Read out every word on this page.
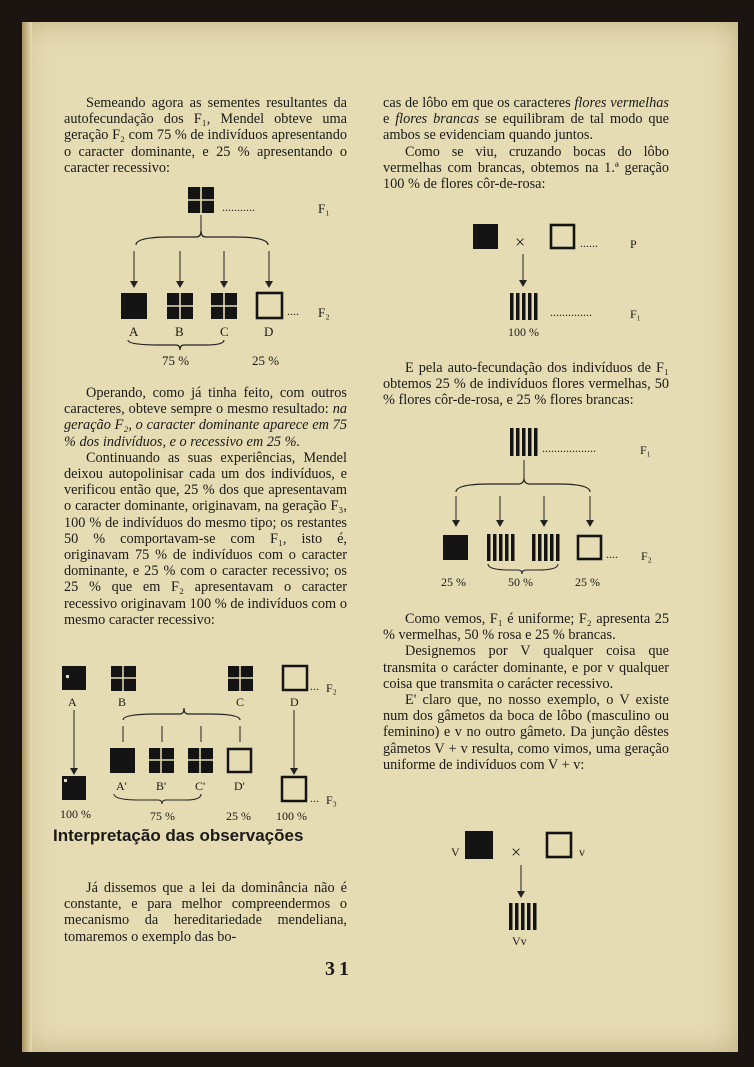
Semeando agora as sementes resultantes da autofecundação dos F₁, Mendel obteve uma geração F₂ com 75 % de indivíduos apresentando o caracter dominante, e 25 % apresentando o caracter recessivo:

...........	F₁
.... F₂
A	B	C	D
75 %	25 %

Operando, como já tinha feito, com outros caracteres, obteve sempre o mesmo resultado: na geração F₂, o caracter dominante aparece em 75 % dos indivíduos, e o recessivo em 25 %.

Continuando as suas experiências, Mendel deixou autopolinisar cada um dos indivíduos, e verificou então que, 25 % dos que apresentavam o caracter dominante, originavam, na geração F₃, 100 % de indivíduos do mesmo tipo; os restantes 50 % comportavam-se com F₁, isto é, originavam 75 % de indivíduos com o caracter dominante, e 25 % com o caracter recessivo; os 25 % que em F₂ apresentavam o caracter recessivo originavam 100 % de indivíduos com o mesmo caracter recessivo:

... F₂
A	B	C	D
... F₃
A' B' C' D'
100 %	75 %	25 % 100 %
Interpretação das observações

Já dissemos que a lei da dominância não é constante, e para melhor compreendermos o mecanismo da hereditariedade mendeliana, tomaremos o exemplo das bo-

cas de lôbo em que os caracteres flores vermelhas e flores brancas se equilibram de tal modo que ambos se evidenciam quando juntos.

Como se viu, cruzando bocas do lôbo vermelhas com brancas, obtemos na 1.ª geração 100 % de flores côr-de-rosa:

×	......	P
..............	F₁
100 %

E pela auto-fecundação dos indivíduos de F₁ obtemos 25 % de indivíduos flores vermelhas, 50 % flores côr-de-rosa, e 25 % flores brancas:

..................	F₁
.... F₂
25 %	50 %	25 %

Como vemos, F₁ é uniforme; F₂ apresenta 25 % vermelhas, 50 % rosa e 25 % brancas.

Designemos por V qualquer coisa que transmita o carácter dominante, e por v qualquer coisa que transmita o carácter recessivo.

E' claro que, no nosso exemplo, o V existe num dos gâmetos da boca de lôbo (masculino ou feminino) e v no outro gâmeto. Da junção dêstes gâmetos V + v resulta, como vimos, uma geração uniforme de indivíduos com V + v:

V	×	v
Vv
31
